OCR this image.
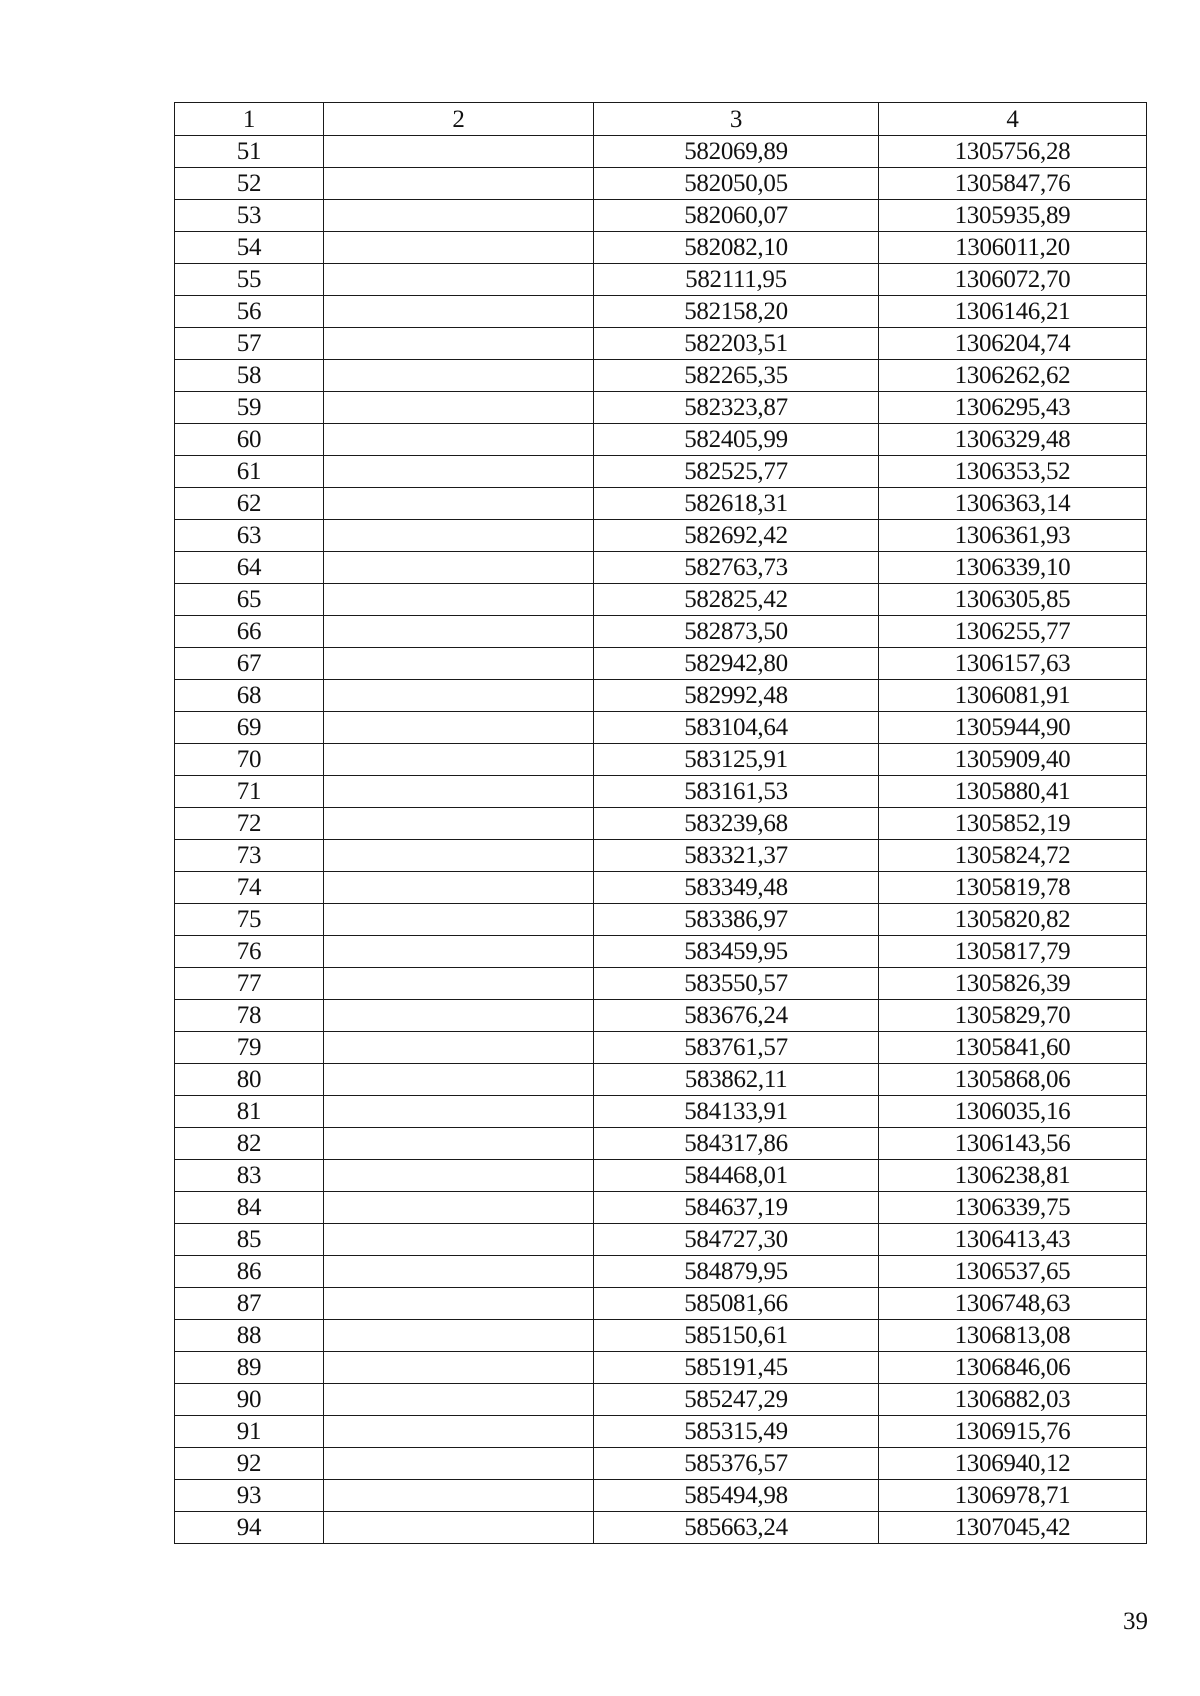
1	2	3	4
51		582069,89	1305756,28
52		582050,05	1305847,76
53		582060,07	1305935,89
54		582082,10	1306011,20
55		582111,95	1306072,70
56		582158,20	1306146,21
57		582203,51	1306204,74
58		582265,35	1306262,62
59		582323,87	1306295,43
60		582405,99	1306329,48
61		582525,77	1306353,52
62		582618,31	1306363,14
63		582692,42	1306361,93
64		582763,73	1306339,10
65		582825,42	1306305,85
66		582873,50	1306255,77
67		582942,80	1306157,63
68		582992,48	1306081,91
69		583104,64	1305944,90
70		583125,91	1305909,40
71		583161,53	1305880,41
72		583239,68	1305852,19
73		583321,37	1305824,72
74		583349,48	1305819,78
75		583386,97	1305820,82
76		583459,95	1305817,79
77		583550,57	1305826,39
78		583676,24	1305829,70
79		583761,57	1305841,60
80		583862,11	1305868,06
81		584133,91	1306035,16
82		584317,86	1306143,56
83		584468,01	1306238,81
84		584637,19	1306339,75
85		584727,30	1306413,43
86		584879,95	1306537,65
87		585081,66	1306748,63
88		585150,61	1306813,08
89		585191,45	1306846,06
90		585247,29	1306882,03
91		585315,49	1306915,76
92		585376,57	1306940,12
93		585494,98	1306978,71
94		585663,24	1307045,42
39
